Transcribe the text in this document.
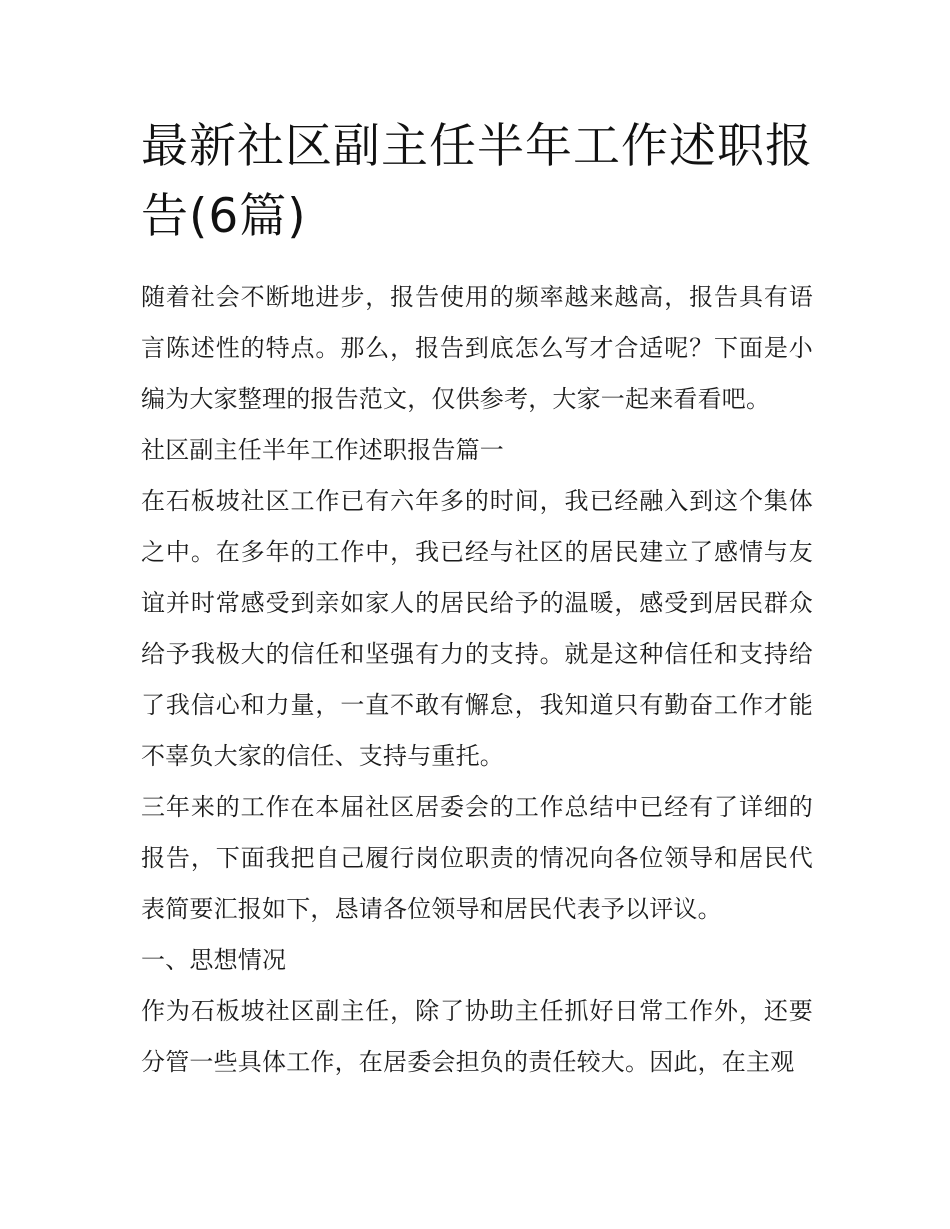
最新社区副主任半年工作述职报告(6篇)

随着社会不断地进步，报告使用的频率越来越高，报告具有语言陈述性的特点。那么，报告到底怎么写才合适呢？下面是小编为大家整理的报告范文，仅供参考，大家一起来看看吧。

社区副主任半年工作述职报告篇一

在石板坡社区工作已有六年多的时间，我已经融入到这个集体之中。在多年的工作中，我已经与社区的居民建立了感情与友谊并时常感受到亲如家人的居民给予的温暖，感受到居民群众给予我极大的信任和坚强有力的支持。就是这种信任和支持给了我信心和力量，一直不敢有懈怠，我知道只有勤奋工作才能不辜负大家的信任、支持与重托。

三年来的工作在本届社区居委会的工作总结中已经有了详细的报告，下面我把自己履行岗位职责的情况向各位领导和居民代表简要汇报如下，恳请各位领导和居民代表予以评议。

一、思想情况

作为石板坡社区副主任，除了协助主任抓好日常工作外，还要分管一些具体工作，在居委会担负的责任较大。因此，在主观
